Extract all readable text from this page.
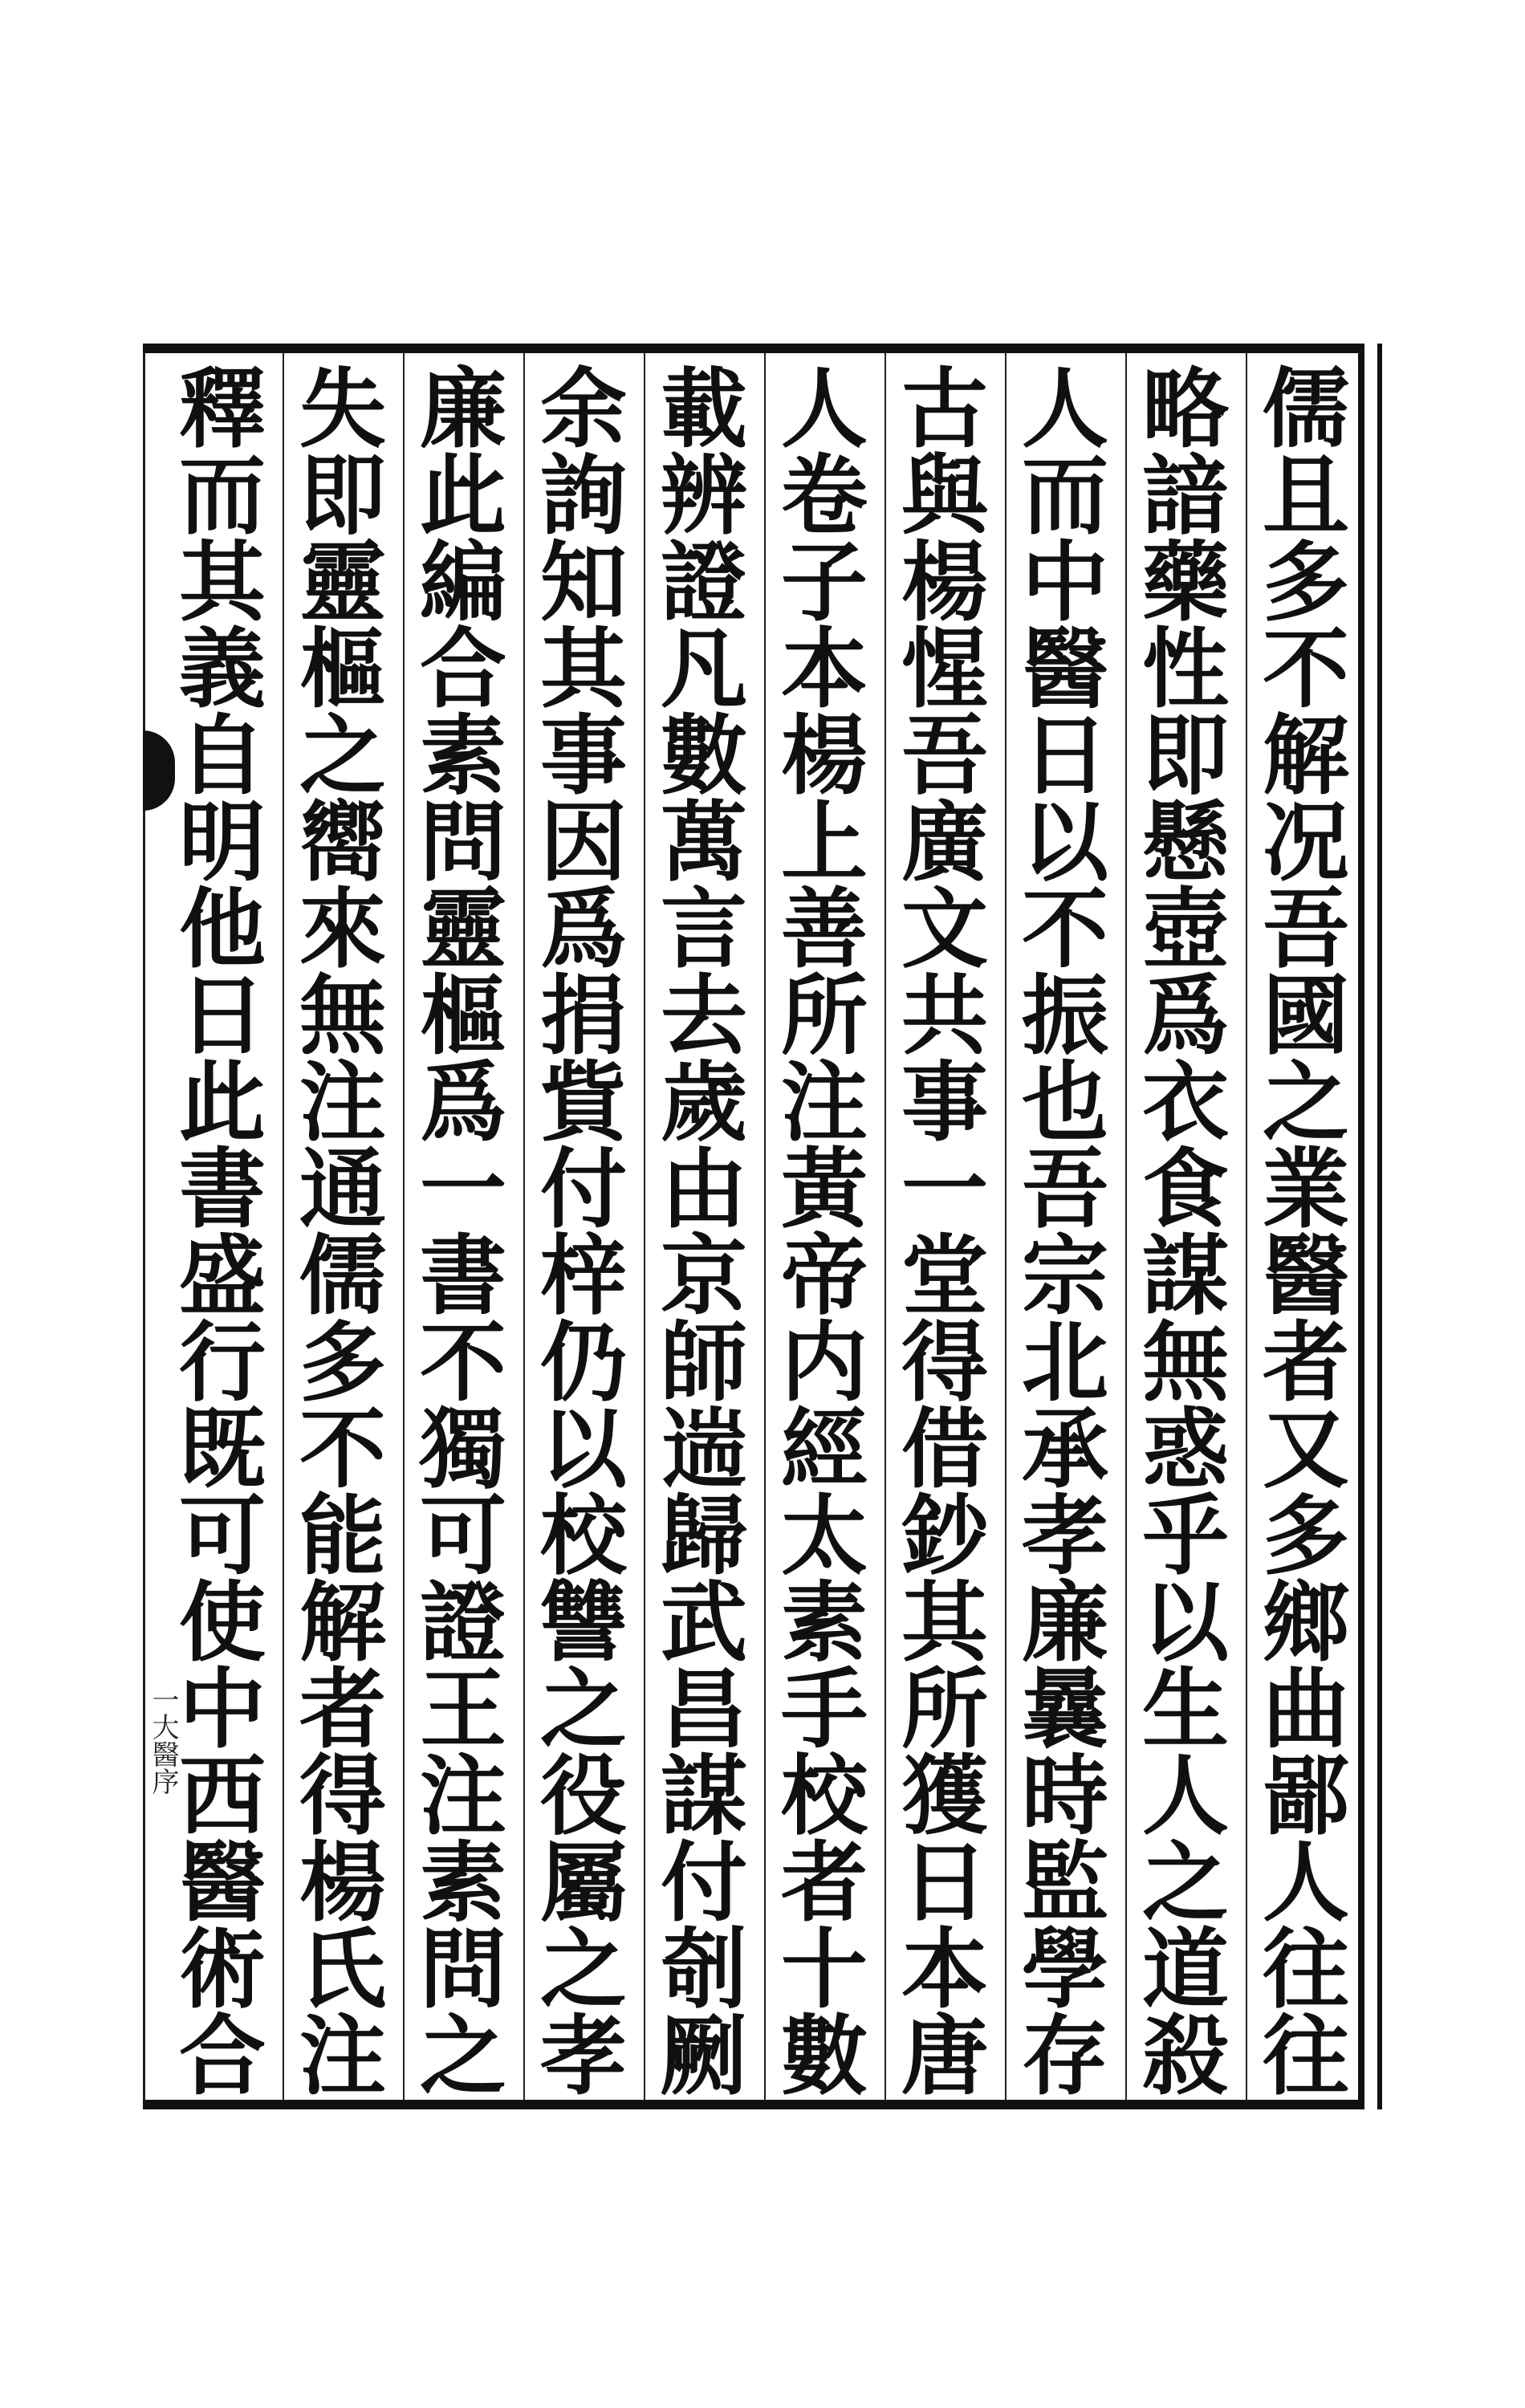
一大醫序
儒
且
多
不
解
况
吾
國
之
業
醫
者
又
多
鄉
曲
鄙
人
往
往
略
諳
藥
性
即
懸
壺
爲
衣
食
謀
無
惑
乎
以
生
人
之
道
殺
人
而
中
醫
日
以
不
振
也
吾
宗
北
承
孝
廉
曩
時
監
學
存
古
與
楊
惺
吾
廣
文
共
事
一
堂
得
借
鈔
其
所
獲
日
本
唐
人
卷
子
本
楊
上
善
所
注
黃
帝
内
經
太
素
手
校
者
十
數
載
辨
證
凡
數
萬
言
去
歲
由
京
師
遄
歸
武
昌
謀
付
剞
劂
余
詢
知
其
事
因
爲
捐
貲
付
梓
仍
以
校
讐
之
役
屬
之
孝
廉
此
編
合
素
問
靈
樞
爲
一
書
不
獨
可
證
王
注
素
問
之
失
即
靈
樞
之
嚮
來
無
注
通
儒
多
不
能
解
者
得
楊
氏
注
釋
而
其
義
自
明
他
日
此
書
盛
行
既
可
使
中
西
醫
術
合
